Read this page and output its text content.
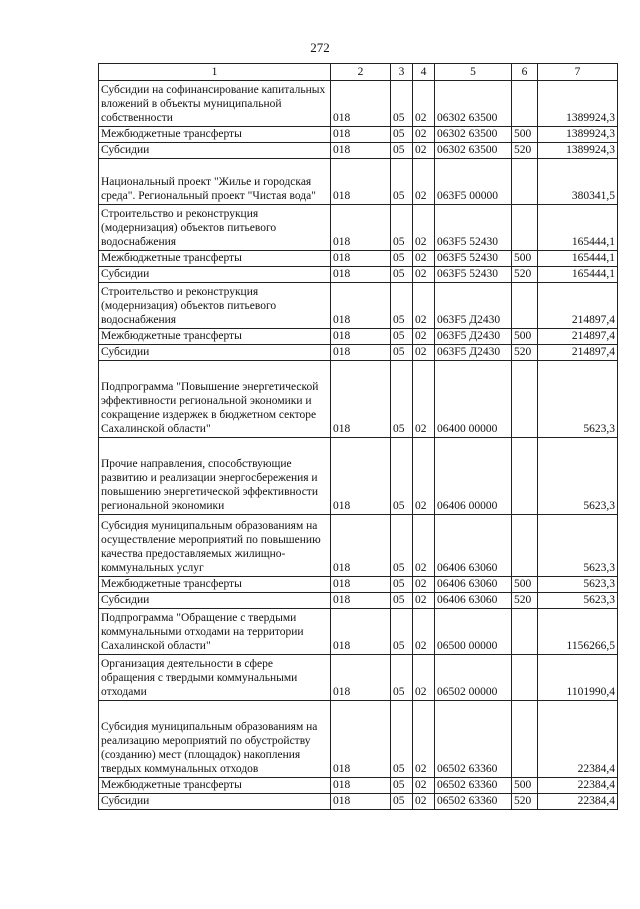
272
1	2	3	4	5	6	7
Субсидии на софинансирование капитальных вложений в объекты муниципальной собственности	018	05	02	06302 63500		1389924,3
Межбюджетные трансферты	018	05	02	06302 63500	500	1389924,3
Субсидии	018	05	02	06302 63500	520	1389924,3
Национальный проект "Жилье и городская среда". Региональный проект "Чистая вода"	018	05	02	063F5 00000		380341,5
Строительство и реконструкция (модернизация) объектов питьевого водоснабжения	018	05	02	063F5 52430		165444,1
Межбюджетные трансферты	018	05	02	063F5 52430	500	165444,1
Субсидии	018	05	02	063F5 52430	520	165444,1
Строительство и реконструкция (модернизация) объектов питьевого водоснабжения	018	05	02	063F5 Д2430		214897,4
Межбюджетные трансферты	018	05	02	063F5 Д2430	500	214897,4
Субсидии	018	05	02	063F5 Д2430	520	214897,4
Подпрограмма "Повышение энергетической эффективности региональной экономики и сокращение издержек в бюджетном секторе Сахалинской области"	018	05	02	06400 00000		5623,3
Прочие направления, способствующие развитию и реализации энергосбережения и повышению энергетической эффективности региональной экономики	018	05	02	06406 00000		5623,3
Субсидия муниципальным образованиям на осуществление мероприятий по повышению качества предоставляемых жилищно-коммунальных услуг	018	05	02	06406 63060		5623,3
Межбюджетные трансферты	018	05	02	06406 63060	500	5623,3
Субсидии	018	05	02	06406 63060	520	5623,3
Подпрограмма "Обращение с твердыми коммунальными отходами на территории Сахалинской области"	018	05	02	06500 00000		1156266,5
Организация деятельности в сфере обращения с твердыми коммунальными отходами	018	05	02	06502 00000		1101990,4
Субсидия муниципальным образованиям на реализацию мероприятий по обустройству (созданию) мест (площадок) накопления твердых коммунальных отходов	018	05	02	06502 63360		22384,4
Межбюджетные трансферты	018	05	02	06502 63360	500	22384,4
Субсидии	018	05	02	06502 63360	520	22384,4
